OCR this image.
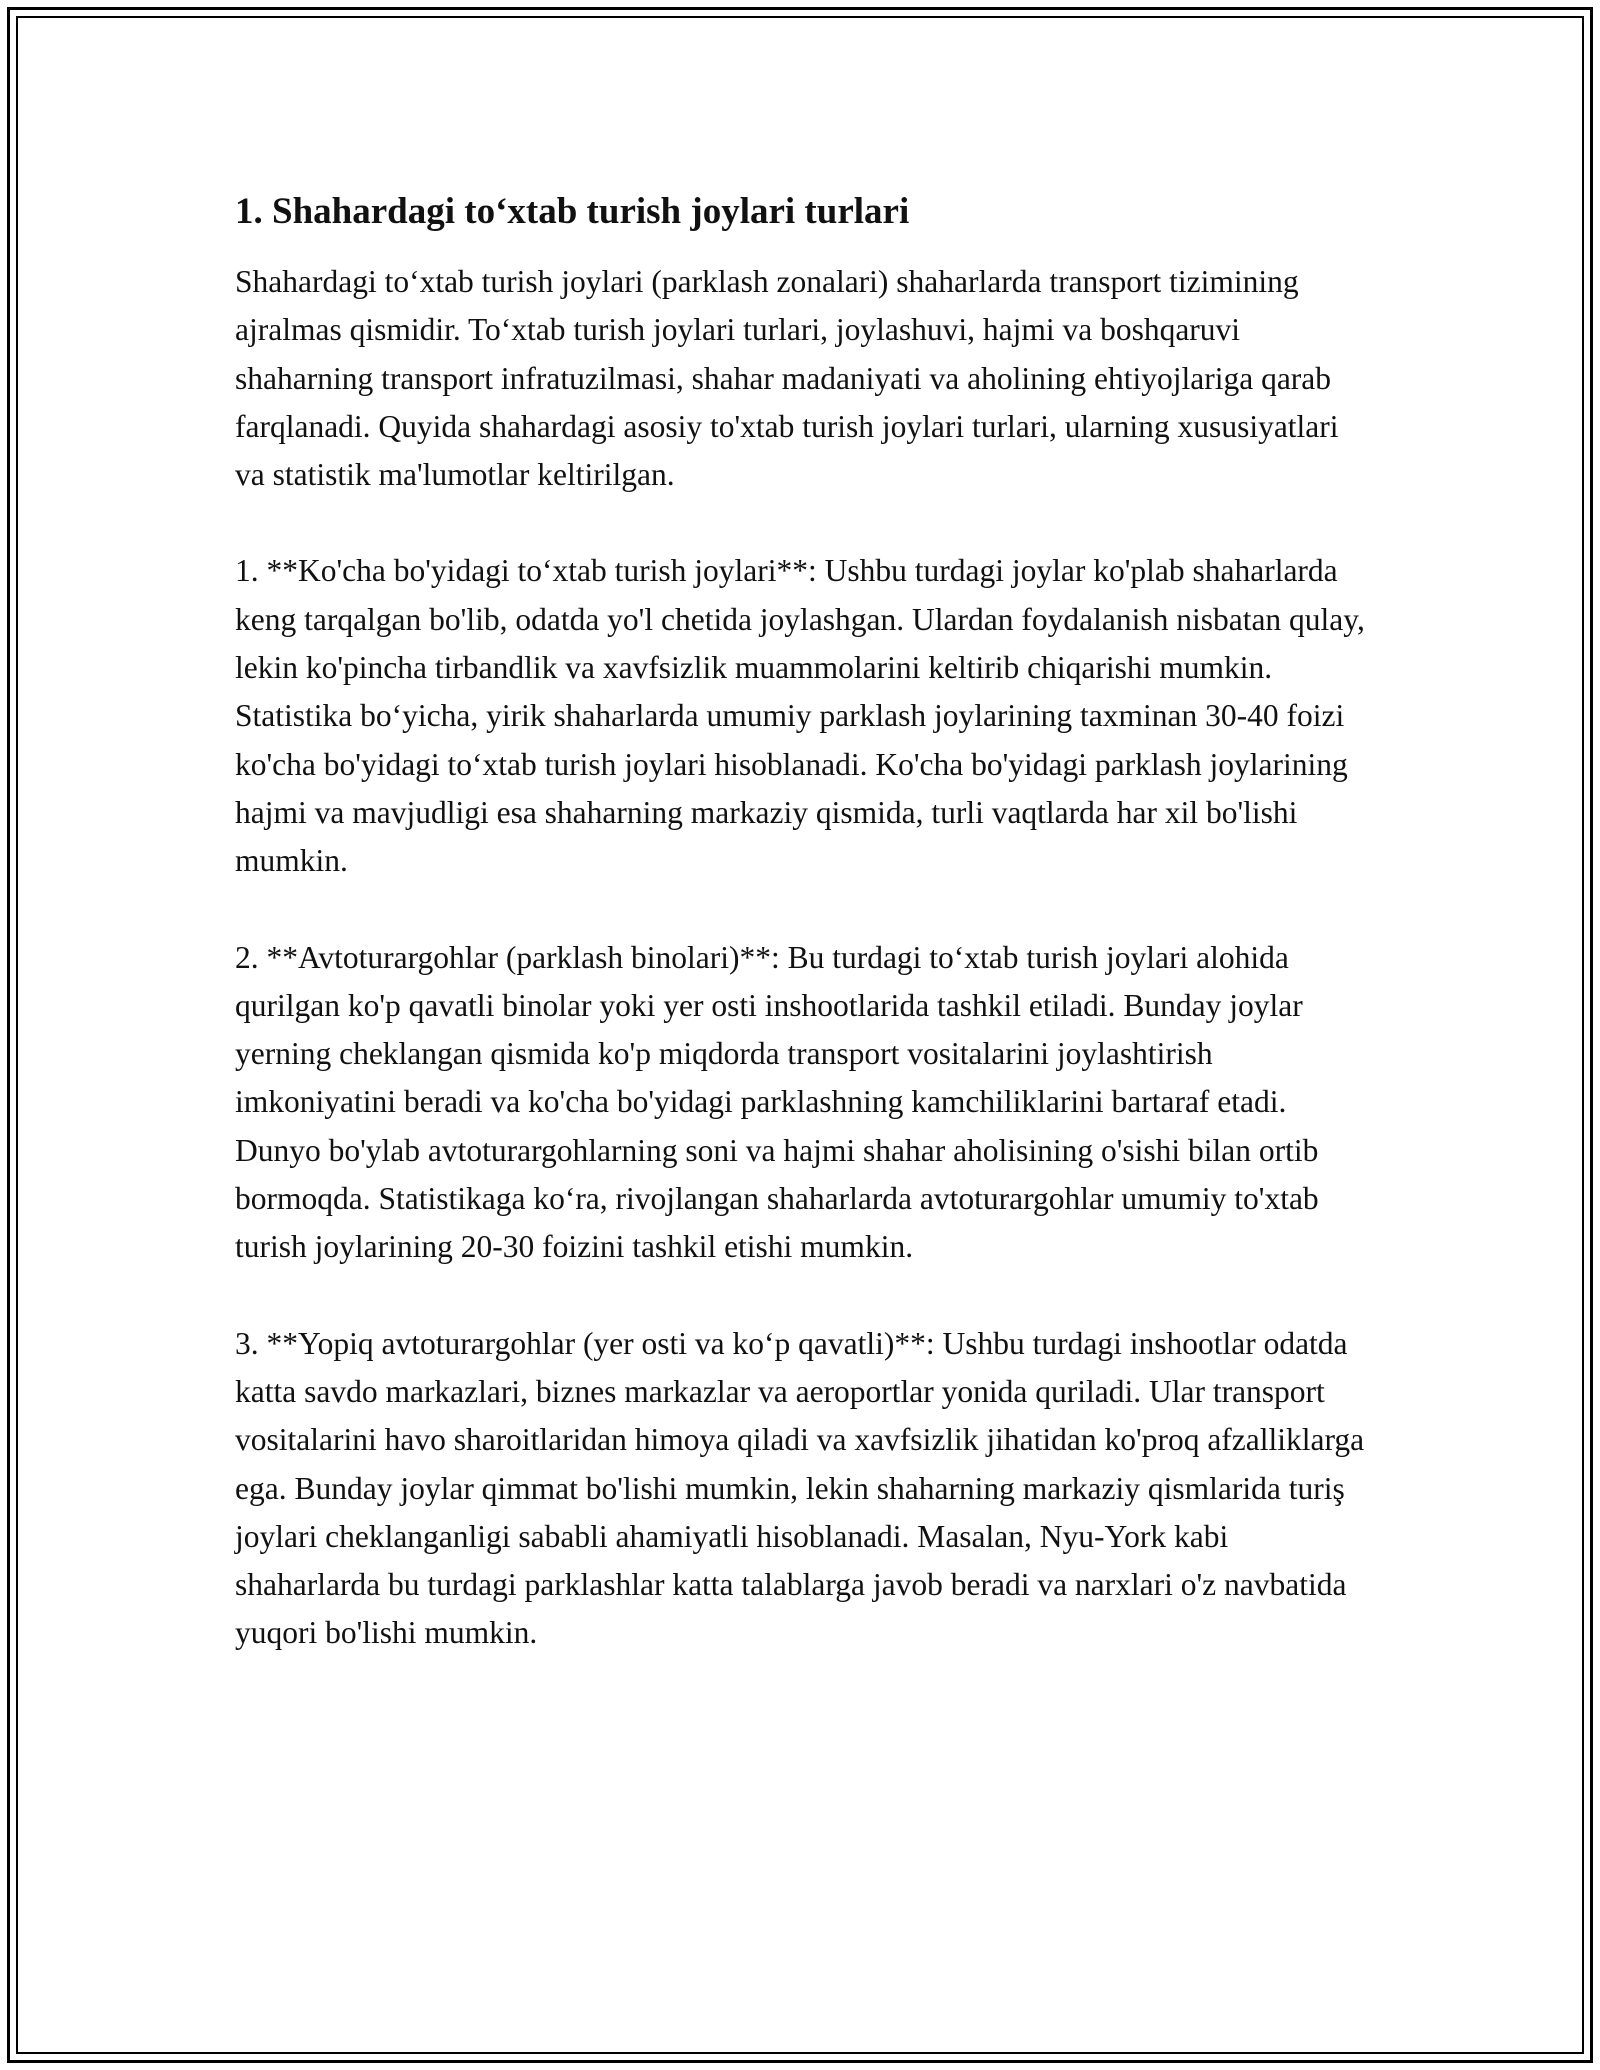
1. Shahardagi to‘xtab turish joylari turlari

Shahardagi to‘xtab turish joylari (parklash zonalari) shaharlarda transport tizimining ajralmas qismidir. To‘xtab turish joylari turlari, joylashuvi, hajmi va boshqaruvi shaharning transport infratuzilmasi, shahar madaniyati va aholining ehtiyojlariga qarab farqlanadi. Quyida shahardagi asosiy to'xtab turish joylari turlari, ularning xususiyatlari va statistik ma'lumotlar keltirilgan.

1. **Ko'cha bo'yidagi to‘xtab turish joylari**: Ushbu turdagi joylar ko'plab shaharlarda keng tarqalgan bo'lib, odatda yo'l chetida joylashgan. Ulardan foydalanish nisbatan qulay, lekin ko'pincha tirbandlik va xavfsizlik muammolarini keltirib chiqarishi mumkin. Statistika bo‘yicha, yirik shaharlarda umumiy parklash joylarining taxminan 30-40 foizi ko'cha bo'yidagi to‘xtab turish joylari hisoblanadi. Ko'cha bo'yidagi parklash joylarining hajmi va mavjudligi esa shaharning markaziy qismida, turli vaqtlarda har xil bo'lishi mumkin.

2. **Avtoturargohlar (parklash binolari)**: Bu turdagi to‘xtab turish joylari alohida qurilgan ko'p qavatli binolar yoki yer osti inshootlarida tashkil etiladi. Bunday joylar yerning cheklangan qismida ko'p miqdorda transport vositalarini joylashtirish imkoniyatini beradi va ko'cha bo'yidagi parklashning kamchiliklarini bartaraf etadi. Dunyo bo'ylab avtoturargohlarning soni va hajmi shahar aholisining o'sishi bilan ortib bormoqda. Statistikaga ko‘ra, rivojlangan shaharlarda avtoturargohlar umumiy to'xtab turish joylarining 20-30 foizini tashkil etishi mumkin.

3. **Yopiq avtoturargohlar (yer osti va ko‘p qavatli)**: Ushbu turdagi inshootlar odatda katta savdo markazlari, biznes markazlar va aeroportlar yonida quriladi. Ular transport vositalarini havo sharoitlaridan himoya qiladi va xavfsizlik jihatidan ko'proq afzalliklarga ega. Bunday joylar qimmat bo'lishi mumkin, lekin shaharning markaziy qismlarida turiş joylari cheklanganligi sababli ahamiyatli hisoblanadi. Masalan, Nyu-York kabi shaharlarda bu turdagi parklashlar katta talablarga javob beradi va narxlari o'z navbatida yuqori bo'lishi mumkin.
